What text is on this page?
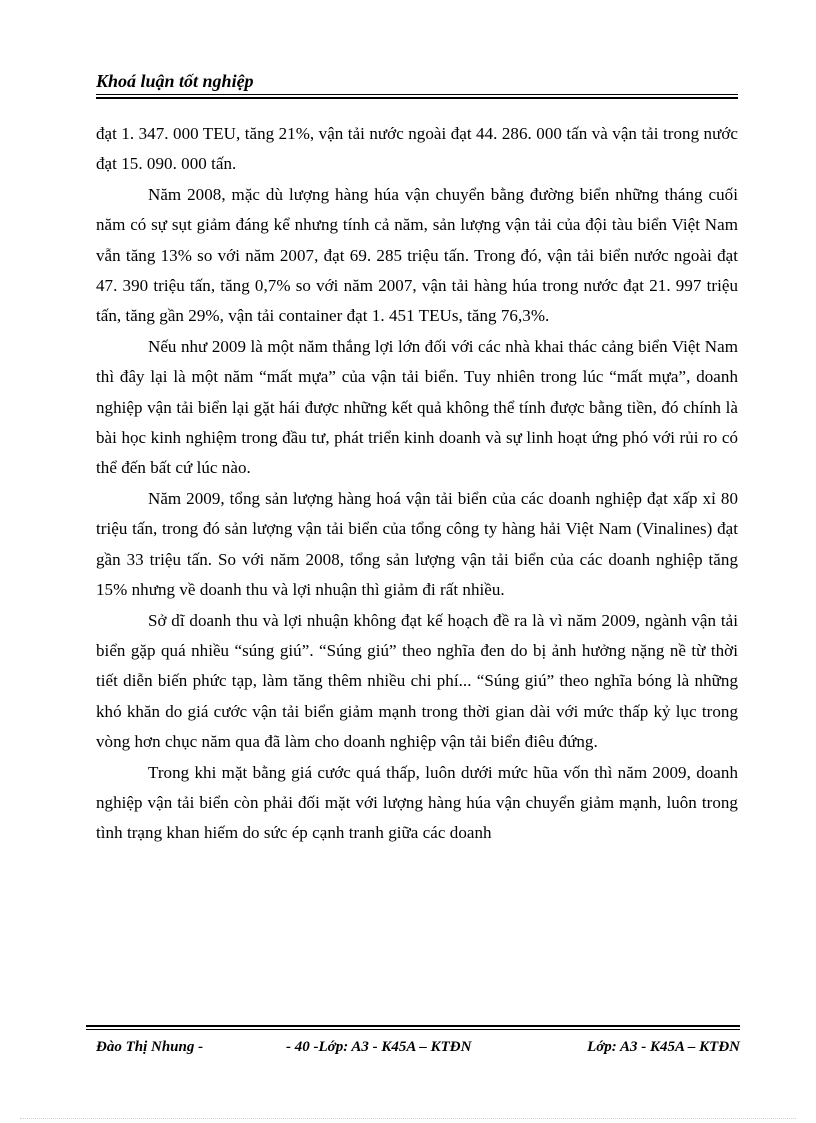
Khoá luận tốt nghiệp

đạt 1. 347. 000 TEU, tăng 21%, vận tải nước ngoài đạt 44. 286. 000 tấn và vận tải trong nước đạt 15. 090. 000 tấn.

Năm 2008, mặc dù lượng hàng húa vận chuyển bằng đường biển những tháng cuối năm có sự sụt giảm đáng kể nhưng tính cả năm, sản lượng vận tải của đội tàu biển Việt Nam vẫn tăng 13% so với năm 2007, đạt 69. 285 triệu tấn. Trong đó, vận tải biển nước ngoài đạt 47. 390 triệu tấn, tăng 0,7% so với năm 2007, vận tải hàng húa trong nước đạt 21. 997 triệu tấn, tăng gần 29%, vận tải container đạt 1. 451 TEUs, tăng 76,3%.

Nếu như 2009 là một năm thắng lợi lớn đối với các nhà khai thác cảng biển Việt Nam thì đây lại là một năm “mất mựa” của vận tải biển. Tuy nhiên trong lúc “mất mựa”, doanh nghiệp vận tải biển lại gặt hái được những kết quả không thể tính được bằng tiền, đó chính là bài học kinh nghiệm trong đầu tư, phát triển kinh doanh và sự linh hoạt ứng phó với rủi ro có thể đến bất cứ lúc nào.

Năm 2009, tổng sản lượng hàng hoá vận tải biển của các doanh nghiệp đạt xấp xỉ 80 triệu tấn, trong đó sản lượng vận tải biển của tổng công ty hàng hải Việt Nam (Vinalines) đạt gần 33 triệu tấn. So với năm 2008, tổng sản lượng vận tải biển của các doanh nghiệp tăng 15% nhưng về doanh thu và lợi nhuận thì giảm đi rất nhiều.

Sở dĩ doanh thu và lợi nhuận không đạt kế hoạch đề ra là vì năm 2009, ngành vận tải biển gặp quá nhiều “súng giú”. “Súng giú” theo nghĩa đen do bị ảnh hưởng nặng nề từ thời tiết diễn biến phức tạp, làm tăng thêm nhiều chi phí... “Súng giú” theo nghĩa bóng là những khó khăn do giá cước vận tải biển giảm mạnh trong thời gian dài với mức thấp kỷ lục trong vòng hơn chục năm qua đã làm cho doanh nghiệp vận tải biển điêu đứng.

Trong khi mặt bằng giá cước quá thấp, luôn dưới mức hũa vốn thì năm 2009, doanh nghiệp vận tải biển còn phải đối mặt với lượng hàng húa vận chuyển giảm mạnh, luôn trong tình trạng khan hiếm do sức ép cạnh tranh giữa các doanh

Đào Thị Nhung -	- 40 -Lớp: A3 - K45A – KTĐN	Lớp: A3 - K45A – KTĐN
